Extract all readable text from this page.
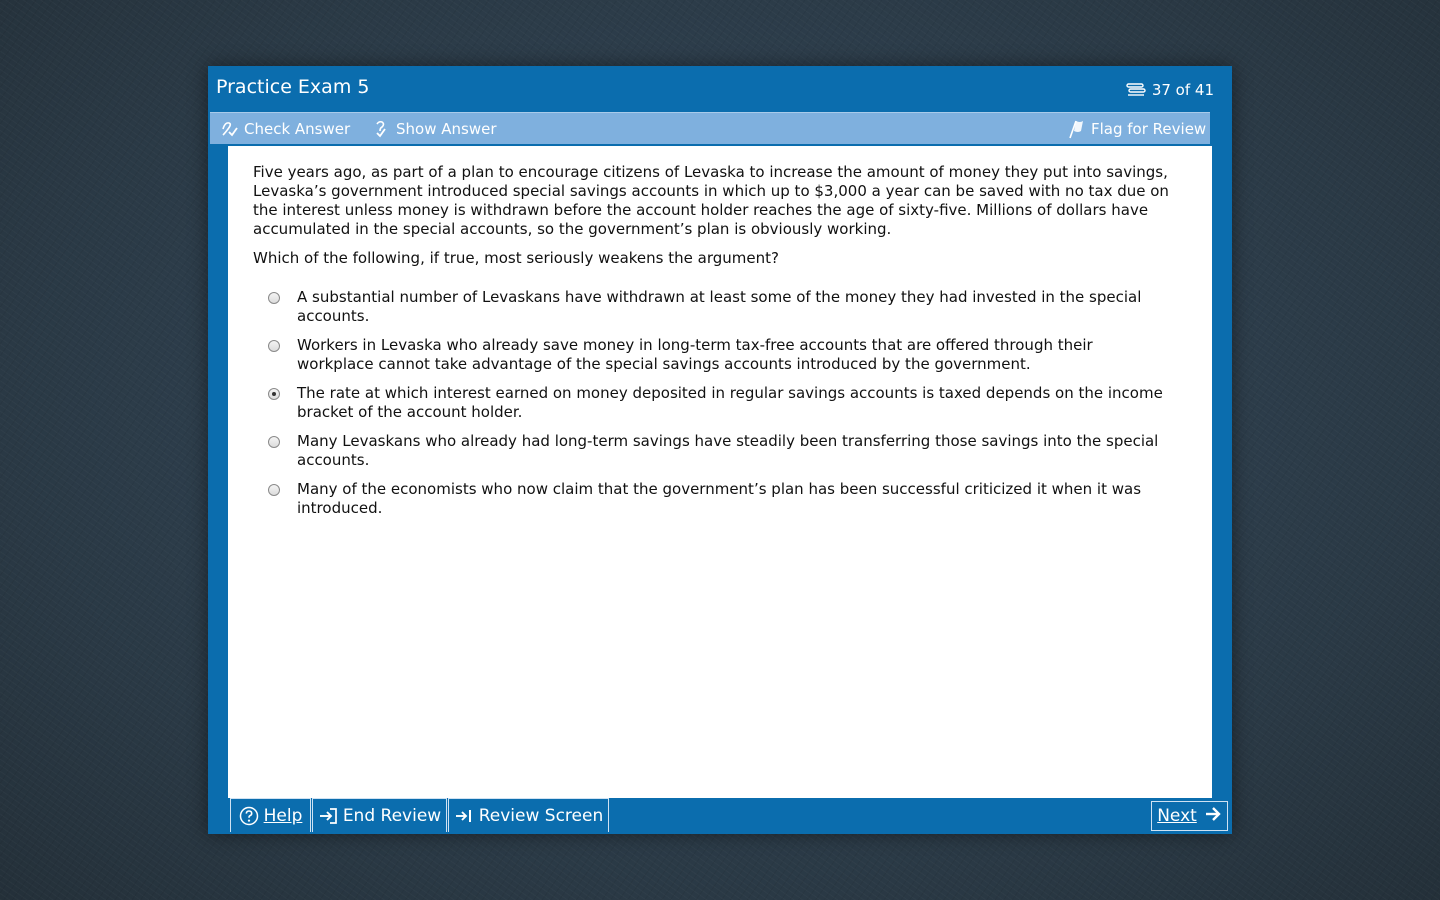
Practice Exam 5	37 of 41
Check Answer	Show Answer	Flag for Review

Five years ago, as part of a plan to encourage citizens of Levaska to increase the amount of money they put into savings, Levaska’s government introduced special savings accounts in which up to $3,000 a year can be saved with no tax due on the interest unless money is withdrawn before the account holder reaches the age of sixty-five. Millions of dollars have accumulated in the special accounts, so the government’s plan is obviously working.

Which of the following, if true, most seriously weakens the argument?

A substantial number of Levaskans have withdrawn at least some of the money they had invested in the special accounts.
Workers in Levaska who already save money in long-term tax-free accounts that are offered through their workplace cannot take advantage of the special savings accounts introduced by the government.
The rate at which interest earned on money deposited in regular savings accounts is taxed depends on the income bracket of the account holder.
Many Levaskans who already had long-term savings have steadily been transferring those savings into the special accounts.
Many of the economists who now claim that the government’s plan has been successful criticized it when it was introduced.
Help End Review Review Screen	Next
